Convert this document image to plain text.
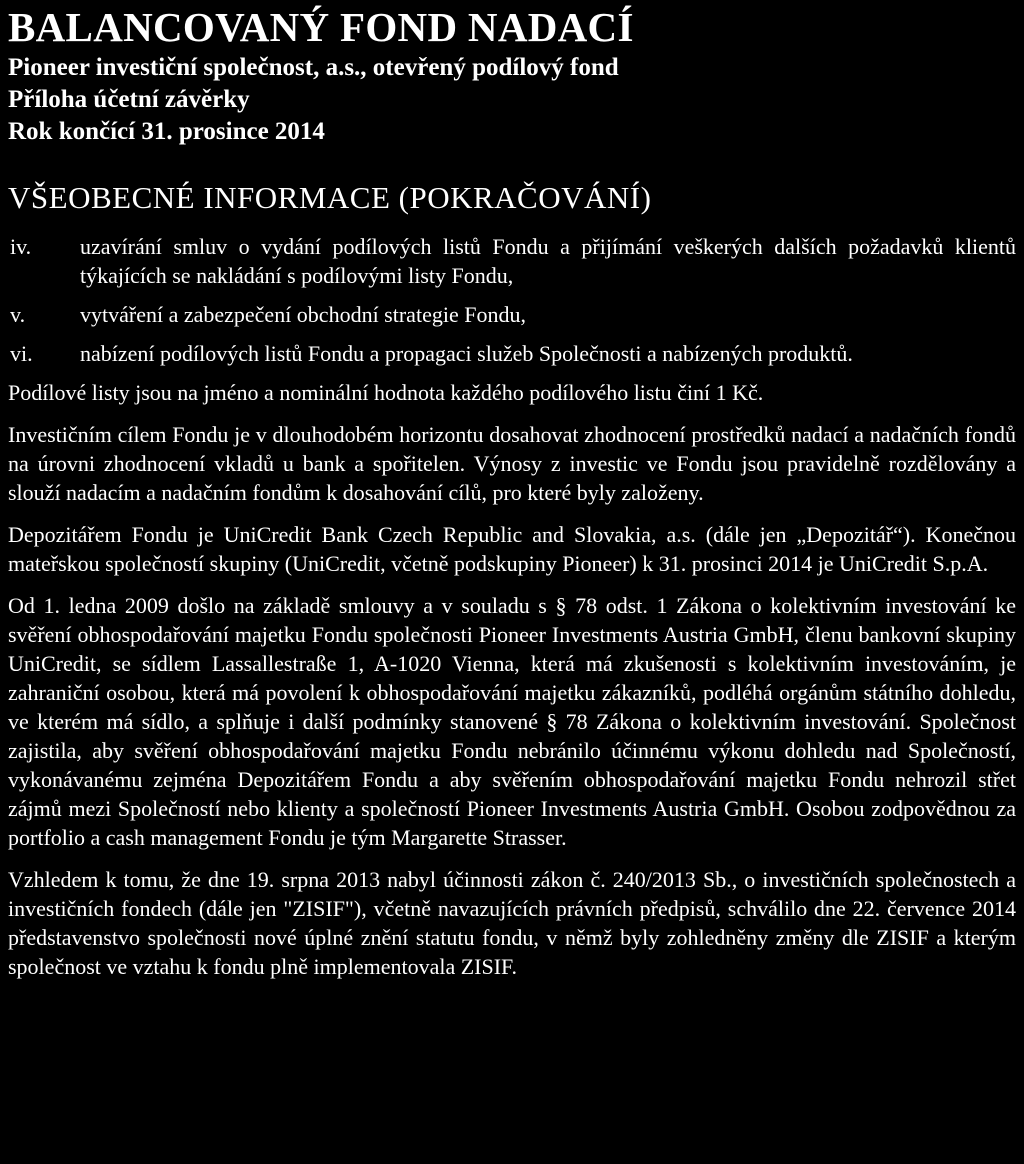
BALANCOVANÝ FOND NADACÍ
Pioneer investiční společnost, a.s., otevřený podílový fond
Příloha účetní závěrky
Rok končící 31. prosince 2014
VŠEOBECNÉ INFORMACE (POKRAČOVÁNÍ)
iv.	uzavírání smluv o vydání podílových listů Fondu a přijímání veškerých dalších požadavků klientů týkajících se nakládání s podílovými listy Fondu,
v.	vytváření a zabezpečení obchodní strategie Fondu,
vi.	nabízení podílových listů Fondu a propagaci služeb Společnosti a nabízených produktů.

Podílové listy jsou na jméno a nominální hodnota každého podílového listu činí 1 Kč.

Investičním cílem Fondu je v dlouhodobém horizontu dosahovat zhodnocení prostředků nadací a nadačních fondů na úrovni zhodnocení vkladů u bank a spořitelen. Výnosy z investic ve Fondu jsou pravidelně rozdělovány a slouží nadacím a nadačním fondům k dosahování cílů, pro které byly založeny.

Depozitářem Fondu je UniCredit Bank Czech Republic and Slovakia, a.s. (dále jen „Depozitář“). Konečnou mateřskou společností skupiny (UniCredit, včetně podskupiny Pioneer) k 31. prosinci 2014 je UniCredit S.p.A.

Od 1. ledna 2009 došlo na základě smlouvy a v souladu s § 78 odst. 1 Zákona o kolektivním investování ke svěření obhospodařování majetku Fondu společnosti Pioneer Investments Austria GmbH, členu bankovní skupiny UniCredit, se sídlem Lassallestraße 1, A-1020 Vienna, která má zkušenosti s kolektivním investováním, je zahraniční osobou, která má povolení k obhospodařování majetku zákazníků, podléhá orgánům státního dohledu, ve kterém má sídlo, a splňuje i další podmínky stanovené § 78 Zákona o kolektivním investování. Společnost zajistila, aby svěření obhospodařování majetku Fondu nebránilo účinnému výkonu dohledu nad Společností, vykonávanému zejména Depozitářem Fondu a aby svěřením obhospodařování majetku Fondu nehrozil střet zájmů mezi Společností nebo klienty a společností Pioneer Investments Austria GmbH. Osobou zodpovědnou za portfolio a cash management Fondu je tým Margarette Strasser.

Vzhledem k tomu, že dne 19. srpna 2013 nabyl účinnosti zákon č. 240/2013 Sb., o investičních společnostech a investičních fondech (dále jen "ZISIF"), včetně navazujících právních předpisů, schválilo dne 22. července 2014 představenstvo společnosti nové úplné znění statutu fondu, v němž byly zohledněny změny dle ZISIF a kterým společnost ve vztahu k fondu plně implementovala ZISIF.
